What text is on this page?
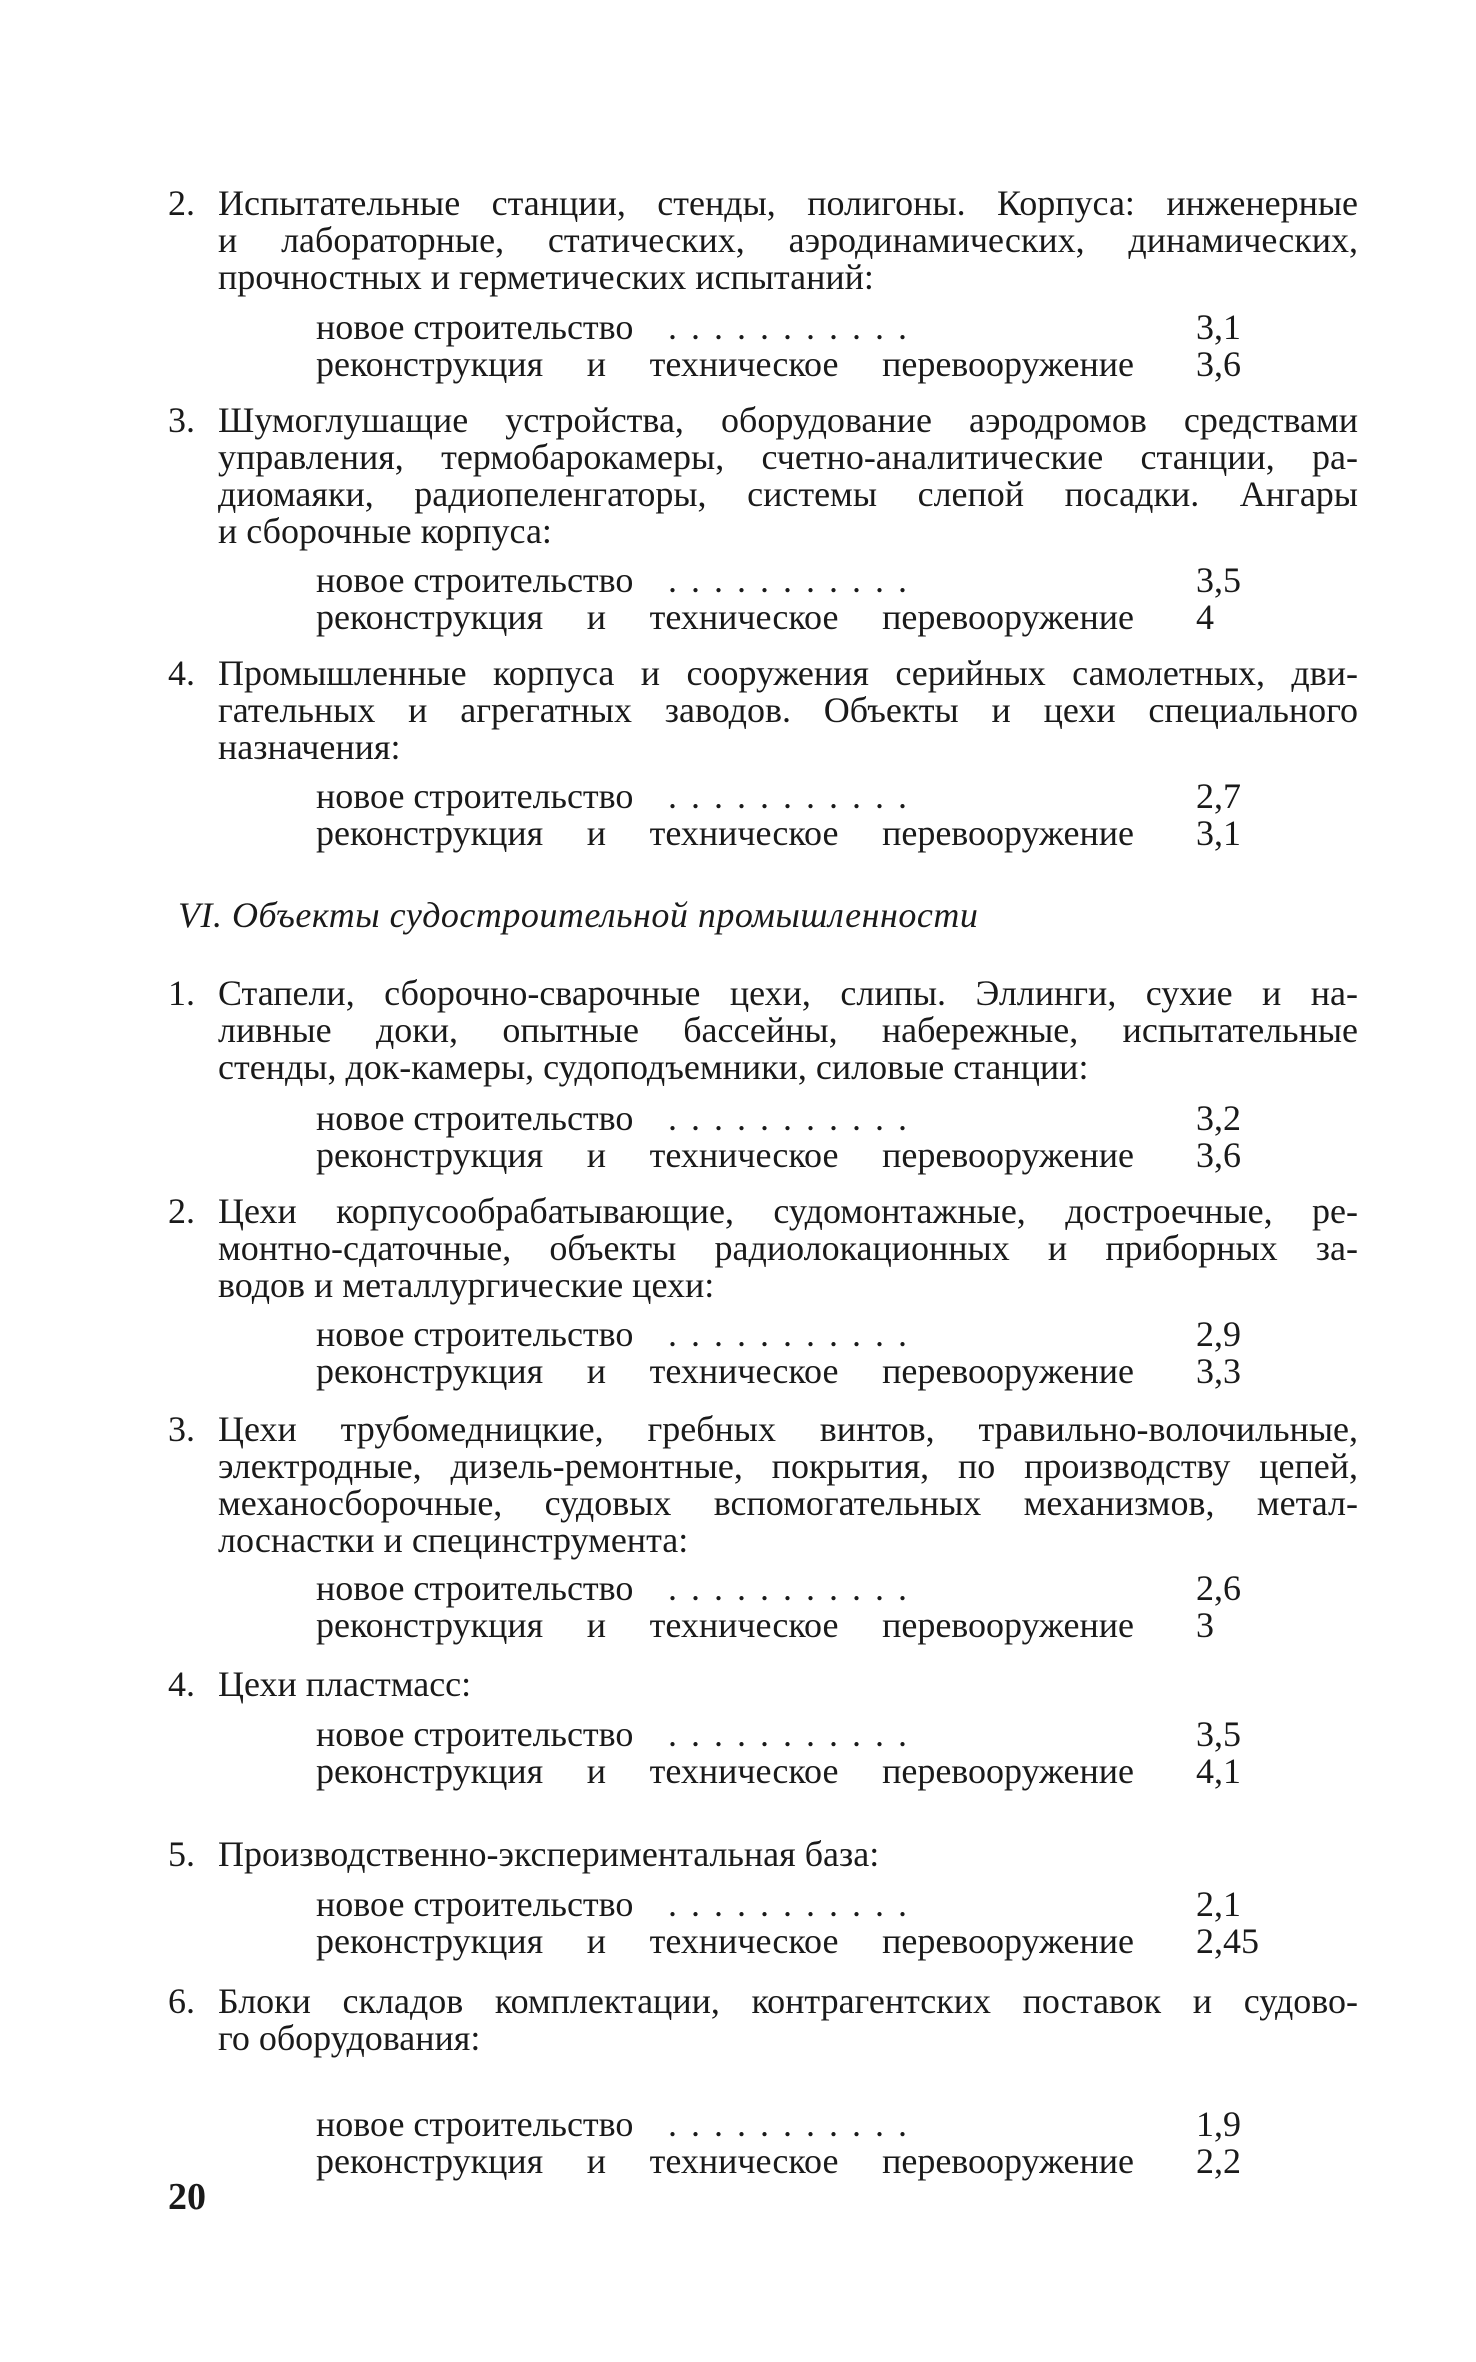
2. Испытательные станции, стенды, полигоны. Корпуса: инженерные
и лабораторные, статических, аэродинамических, динамических,
прочностных и герметических испытаний:
новое строительство ...........	3,1
реконструкция и техническое перевооружение 3,6
3. Шумоглушащие устройства, оборудование аэродромов средствами
управления, термобарокамеры, счетно-аналитические станции, ра-
диомаяки, радиопеленгаторы, системы слепой посадки. Ангары
и сборочные корпуса:
новое строительство ...........	3,5
реконструкция и техническое перевооружение 4
4. Промышленные корпуса и сооружения серийных самолетных, дви-
гательных и агрегатных заводов. Объекты и цехи специального
назначения:
новое строительство ...........	2,7
реконструкция и техническое перевооружение 3,1
VI. Объекты судостроительной промышленности
1. Стапели, сборочно-сварочные цехи, слипы. Эллинги, сухие и на-
ливные доки, опытные бассейны, набережные, испытательные
стенды, док-камеры, судоподъемники, силовые станции:
новое строительство ...........	3,2
реконструкция и техническое перевооружение 3,6
2. Цехи корпусообрабатывающие, судомонтажные, достроечные, ре-
монтно-сдаточные, объекты радиолокационных и приборных за-
водов и металлургические цехи:
новое строительство ...........	2,9
реконструкция и техническое перевооружение 3,3
3. Цехи трубомедницкие, гребных винтов, травильно-волочильные,
электродные, дизель-ремонтные, покрытия, по производству цепей,
механосборочные, судовых вспомогательных механизмов, метал-
лоснастки и специнструмента:
новое строительство ...........	2,6
реконструкция и техническое перевооружение 3
4. Цехи пластмасс:
новое строительство ...........	3,5
реконструкция и техническое перевооружение 4,1
5. Производственно-экспериментальная база:
новое строительство ...........	2,1
реконструкция и техническое перевооружение 2,45
6. Блоки складов комплектации, контрагентских поставок и судово-
го оборудования:
новое строительство ...........	1,9
реконструкция и техническое перевооружение 2,2
20
